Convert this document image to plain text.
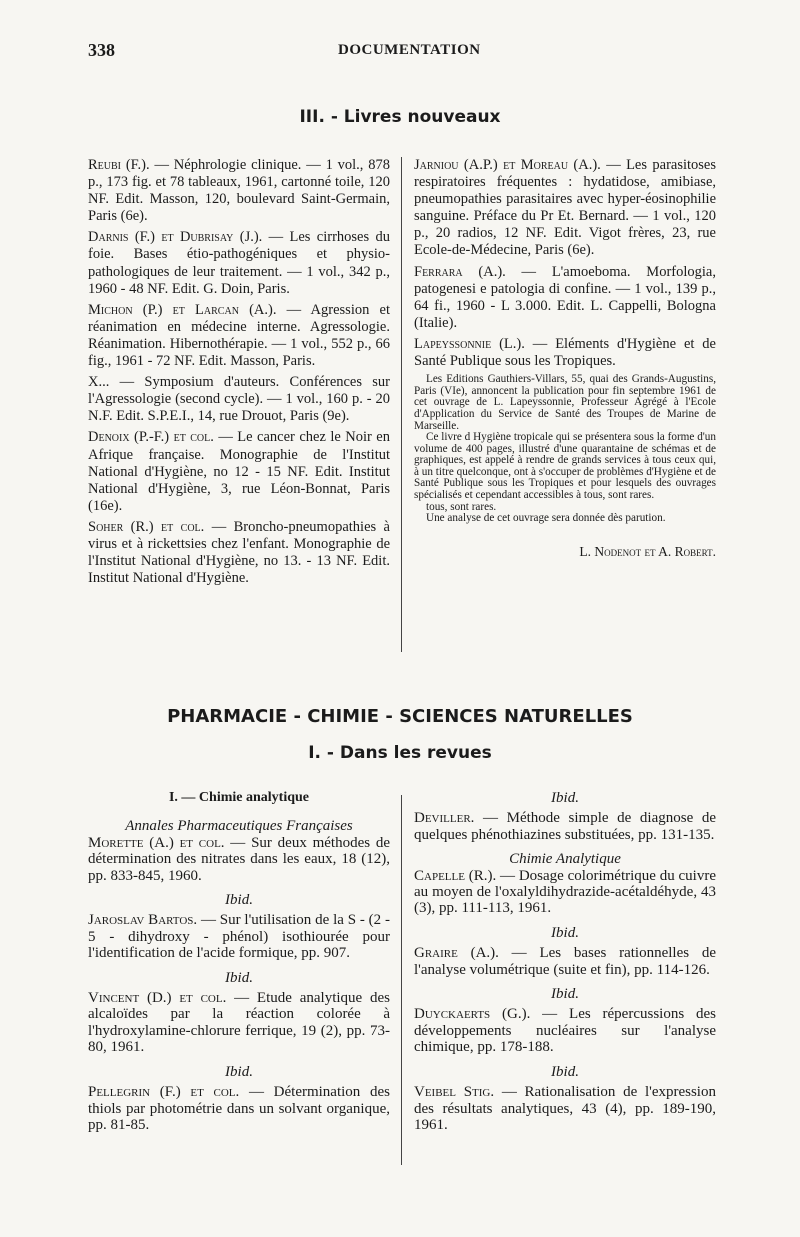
338	DOCUMENTATION
III. - Livres nouveaux
Reubi (F.). — Néphrologie clinique. — 1 vol., 878 p., 173 fig. et 78 tableaux, 1961, cartonné toile, 120 NF. Edit. Masson, 120, boulevard Saint-Germain, Paris (6e).
Darnis (F.) et Dubrisay (J.). — Les cirrhoses du foie. Bases étio-pathogéniques et physio-pathologiques de leur traitement. — 1 vol., 342 p., 1960 - 48 NF. Edit. G. Doin, Paris.
Michon (P.) et Larcan (A.). — Agression et réanimation en médecine interne. Agressologie. Réanimation. Hibernothérapie. — 1 vol., 552 p., 66 fig., 1961 - 72 NF. Edit. Masson, Paris.
X... — Symposium d'auteurs. Conférences sur l'Agressologie (second cycle). — 1 vol., 160 p. - 20 N.F. Edit. S.P.E.I., 14, rue Drouot, Paris (9e).
Denoix (P.-F.) et col. — Le cancer chez le Noir en Afrique française. Monographie de l'Institut National d'Hygiène, no 12 - 15 NF. Edit. Institut National d'Hygiène, 3, rue Léon-Bonnat, Paris (16e).
Soher (R.) et col. — Broncho-pneumopathies à virus et à rickettsies chez l'enfant. Monographie de l'Institut National d'Hygiène, no 13. - 13 NF. Edit. Institut National d'Hygiène.
Jarniou (A.P.) et Moreau (A.). — Les parasitoses respiratoires fréquentes : hydatidose, amibiase, pneumopathies parasitaires avec hyper-éosinophilie sanguine. Préface du Pr Et. Bernard. — 1 vol., 120 p., 20 radios, 12 NF. Edit. Vigot frères, 23, rue Ecole-de-Médecine, Paris (6e).
Ferrara (A.). — L'amoeboma. Morfologia, patogenesi e patologia di confine. — 1 vol., 139 p., 64 fi., 1960 - L 3.000. Edit. L. Cappelli, Bologna (Italie).
Lapeyssonnie (L.). — Eléments d'Hygiène et de Santé Publique sous les Tropiques.

Les Editions Gauthiers-Villars, 55, quai des Grands-Augustins, Paris (VIe), annoncent la publication pour fin septembre 1961 de cet ouvrage de L. Lapeyssonnie, Professeur Agrégé à l'Ecole d'Application du Service de Santé des Troupes de Marine de Marseille.

Ce livre d Hygiène tropicale qui se présentera sous la forme d'un volume de 400 pages, illustré d'une quarantaine de schémas et de graphiques, est appelé à rendre de grands services à tous ceux qui, à un titre quelconque, ont à s'occuper de problèmes d'Hygiène et de Santé Publique sous les Tropiques et pour lesquels des ouvrages spécialisés et cependant accessibles à tous, sont rares.

tous, sont rares.

Une analyse de cet ouvrage sera donnée dès parution.

L. Nodenot et A. Robert.
PHARMACIE - CHIMIE - SCIENCES NATURELLES
I. - Dans les revues
I. — Chimie analytique
Annales Pharmaceutiques Françaises
Morette (A.) et col. — Sur deux méthodes de détermination des nitrates dans les eaux, 18 (12), pp. 833-845, 1960.
Ibid.
Jaroslav Bartos. — Sur l'utilisation de la S - (2 - 5 - dihydroxy - phénol) isothiourée pour l'identification de l'acide formique, pp. 907.
Ibid.
Vincent (D.) et col. — Etude analytique des alcaloïdes par la réaction colorée à l'hydroxylamine-chlorure ferrique, 19 (2), pp. 73-80, 1961.
Ibid.
Pellegrin (F.) et col. — Détermination des thiols par photométrie dans un solvant organique, pp. 81-85.
Ibid.
Deviller. — Méthode simple de diagnose de quelques phénothiazines substituées, pp. 131-135.
Chimie Analytique
Capelle (R.). — Dosage colorimétrique du cuivre au moyen de l'oxalyldihydrazide-acétaldéhyde, 43 (3), pp. 111-113, 1961.
Ibid.
Graire (A.). — Les bases rationnelles de l'analyse volumétrique (suite et fin), pp. 114-126.
Ibid.
Duyckaerts (G.). — Les répercussions des développements nucléaires sur l'analyse chimique, pp. 178-188.
Ibid.
Veibel Stig. — Rationalisation de l'expression des résultats analytiques, 43 (4), pp. 189-190, 1961.
